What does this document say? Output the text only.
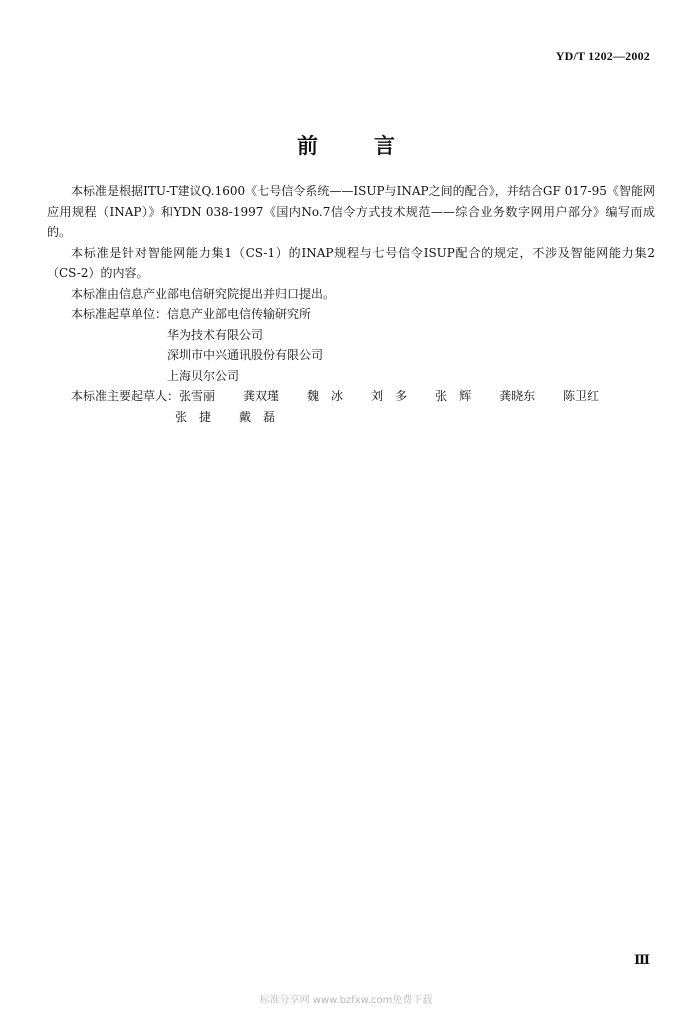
YD/T 1202—2002
前言

本标准是根据ITU-T建议Q.1600《七号信令系统——ISUP与INAP之间的配合》，并结合GF 017-95《智能网应用规程（INAP）》和YDN 038-1997《国内No.7信令方式技术规范——综合业务数字网用户部分》编写而成的。

本标准是针对智能网能力集1（CS-1）的INAP规程与七号信令ISUP配合的规定，不涉及智能网能力集2（CS-2）的内容。

本标准由信息产业部电信研究院提出并归口提出。

本标准起草单位： 信息产业部电信传输研究所
华为技术有限公司
深圳市中兴通讯股份有限公司
上海贝尔公司
本标准主要起草人： 张雪丽 龚双瑾 魏　冰 刘　多 张　辉 龚晓东 陈卫红
张　捷 戴　磊
Ⅲ
标准分享网 www.bzfxw.com免费下载
